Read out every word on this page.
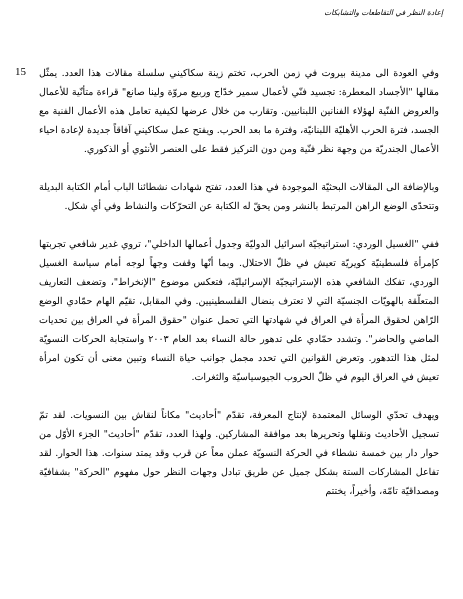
إعادة النظر في التقاطعات والتشابكات
15 وفي العودة الى مدينة بيروت في زمن الحرب، تختم زينة سكاكيني سلسلة مقالات هذا العدد. يمثّل مقالها "الأجساد المعطرة: تجسيد فنّي لأعمال سمير خدّاج وربيع مروّة ولينا صانع" قراءة متأنّية للأعمال والعروض الفنّية لهؤلاء الفنانين اللبنانيين. وتقارب من خلال عرضها لكيفية تعامل هذه الأعمال الفنية مع الجسد، فترة الحرب الأهليّة اللبنانيّة، وفترة ما بعد الحرب. ويفتح عمل سكاكيني آفاقاً جديدة لإعادة احياء الأعمال الجندريّة من وجهة نظر فنّية ومن دون التركيز فقط على العنصر الأنثوي أو الذكوري.

وبالإضافة الى المقالات البحثيّة الموجودة في هذا العدد، تفتح شهادات نشطائنا الباب أمام الكتابة البديلة وتتحدّى الوضع الراهن المرتبط بالنشر ومن يحقّ له الكتابة عن التحرّكات والنشاط وفي أي شكل.

ففي "الغسيل الوردي: استراتيجيّة اسرائيل الدوليّة وجدول أعمالها الداخلي"، تروي غدير شافعي تجربتها كإمرأة فلسطينيّة كويريّة تعيش في ظلّ الاحتلال. وبما أنّها وقفت وجهاً لوجه أمام سياسة الغسيل الوردي، تفكك الشافعي هذه الإستراتيجيّة الإسرائيليّة، فتعكس موضوع "الإنخراط"، وتضعف التعاريف المتعلّقة بالهويّات الجنسيّة التي لا تعترف بنضال الفلسطينيين. وفي المقابل، تقيّم الهام حمّادي الوضع الرّاهن لحقوق المرأة في العراق في شهادتها التي تحمل عنوان "حقوق المرأة في العراق بين تحديات الماضي والحاضر". وتشدد حمّادي على تدهور حالة النساء بعد العام ٢٠٠٣ واستجابة الحركات النسويّة لمثل هذا التدهور. وتعرض القوانين التي تحدد مجمل جوانب حياة النساء وتبين معنى أن تكون امرأة تعيش في العراق اليوم في ظلّ الحروب الجيوسياسيّة والثغرات.

ويهدف تحدّي الوسائل المعتمدة لإنتاج المعرفة، تقدّم "أحاديث" مكاناً لنقاش بين النسويات. لقد تمّ تسجيل الأحاديث ونقلها وتحريرها بعد موافقة المشاركين. ولهذا العدد، تقدّم "أحاديث" الجزء الأوّل من حوار دار بين خمسة نشطاء في الحركة النسويّة عملن معاً عن قرب وقد يمتد سنوات. هذا الحوار. لقد تفاعل المشاركات الستة بشكل جميل عن طريق تبادل وجهات النظر حول مفهوم "الحركة" بشفافيّة ومصداقيّة تامّة، وأخيراً، يختتم
